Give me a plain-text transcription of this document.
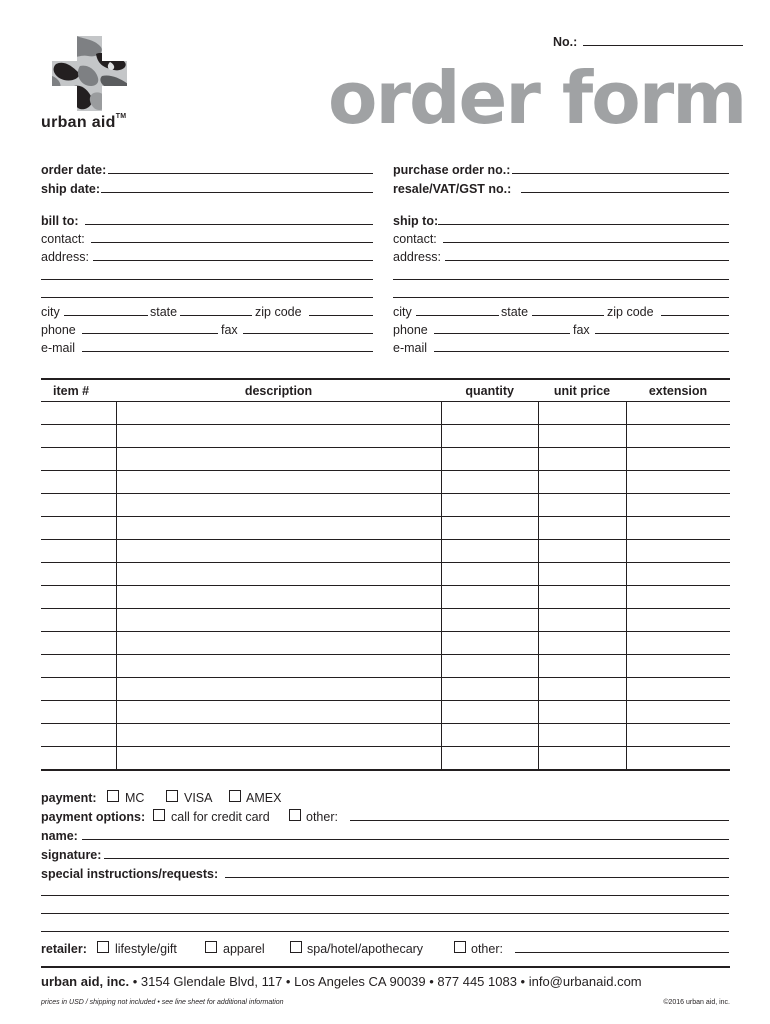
No.:
urban aid™	order form
order date:
ship date:
bill to:
contact:
address:
city	state	zip code
phone	fax
e-mail
purchase order no.:
resale/VAT/GST no.:
ship to:
contact:
address:
city	state	zip code
phone	fax
e-mail
item #	description	quantity	unit price	extension

payment: MC	VISA	AMEX
payment options: call for credit card	other:
name:
signature:
special instructions/requests:
retailer: lifestyle/gift	apparel	spa/hotel/apothecary	other:
urban aid, inc. • 3154 Glendale Blvd, 117 • Los Angeles CA 90039 • 877 445 1083 • info@urbanaid.com
prices in USD / shipping not included • see line sheet for additional information	©2016 urban aid, inc.
